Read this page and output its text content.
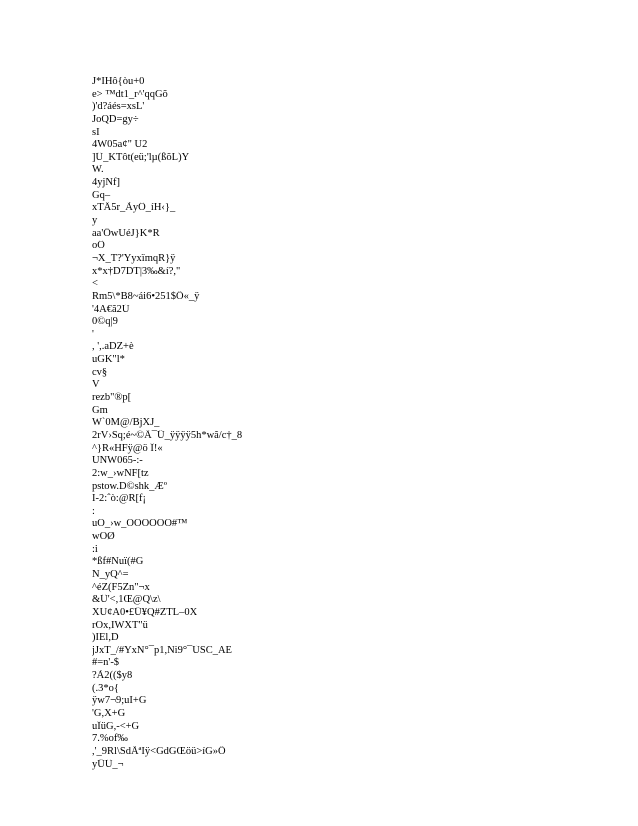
J*IHô{òu+0
e> ™dt1_r^'qqGõ
)'d?áés=xsL'
JoQD=gy÷
sI
4W05a¢" U2
]Û_KTôt(eü;'lµ(ßõL)Y
W.
4yjNf]
Gq–
xTÄ5r_ÃyÔ_íH‹}_
y
aa'ÖwUéJ}K*R
oÔ
¬X_T?'YyxïmqR}ÿ
x*x†D7DT|3‰&í?,"
<
Rm5\*B8~ái6•251$Ö«_ÿ
'4A€ã2Ú
0©q|9
'
, ',.aDZ+è
uGK"l*
cv§
V
rezb"®p[
Gm
W`0M@/BjXJ_
2rV›Sq;é~©Ä¯Ü_ÿÿÿÿ5h*wã/c†_8
^}R«HFÿ@ö Î!«
UNW065-:-
2:w_›wNF[tz
pstow.D©shk_Æº
I-2:ˆò:@R[f¡
:
uO_›w_OOOOOO#™
wOØ
:i
*ßf#Nuï(#G
N_yQ^=
^éZ(F5Zn"¬x
&Û'<,1Œ@Q\z\
XU¢A0•£Ü¥Q#ZTL–0X
rOx,IWXT"ü
)IEl,D
jJxT_/#YxN°¯p1,Ni9°¯ÙSC_AE
#=n'-$
?Ã2(($y8
(.3*o{
ÿw7¬9;uI+G
'G,X+G
uÎüG,-<+G
7.%of‰
,'_9Rl\SdÅªIÿ<GdGŒöü>íG»Ö
yÜÛ_¬
